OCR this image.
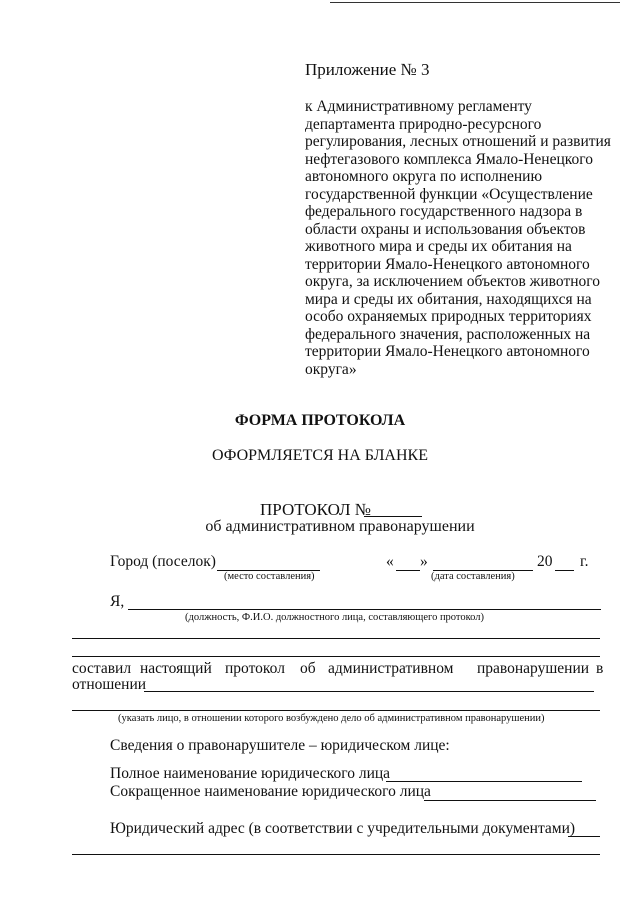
Приложение № 3
к Административному регламенту
департамента природно-ресурсного
регулирования, лесных отношений и развития
нефтегазового комплекса Ямало-Ненецкого
автономного округа по исполнению
государственной функции «Осуществление
федерального государственного надзора в
области охраны и использования объектов
животного мира и среды их обитания на
территории Ямало-Ненецкого автономного
округа, за исключением объектов животного
мира и среды их обитания, находящихся на
особо охраняемых природных территориях
федерального значения, расположенных на
территории Ямало-Ненецкого автономного
округа»
ФОРМА ПРОТОКОЛА
ОФОРМЛЯЕТСЯ НА БЛАНКЕ
ПРОТОКОЛ №
об административном правонарушении
Город (поселок)
(место составления)
« »	20 г.
(дата составления)
Я,
(должность, Ф.И.О. должностного лица, составляющего протокол)
составил настоящий протокол об административном правонарушении в
отношении
(указать лицо, в отношении которого возбуждено дело об административном правонарушении)
Сведения о правонарушителе – юридическом лице:
Полное наименование юридического лица
Сокращенное наименование юридического лица
Юридический адрес (в соответствии с учредительными документами)
